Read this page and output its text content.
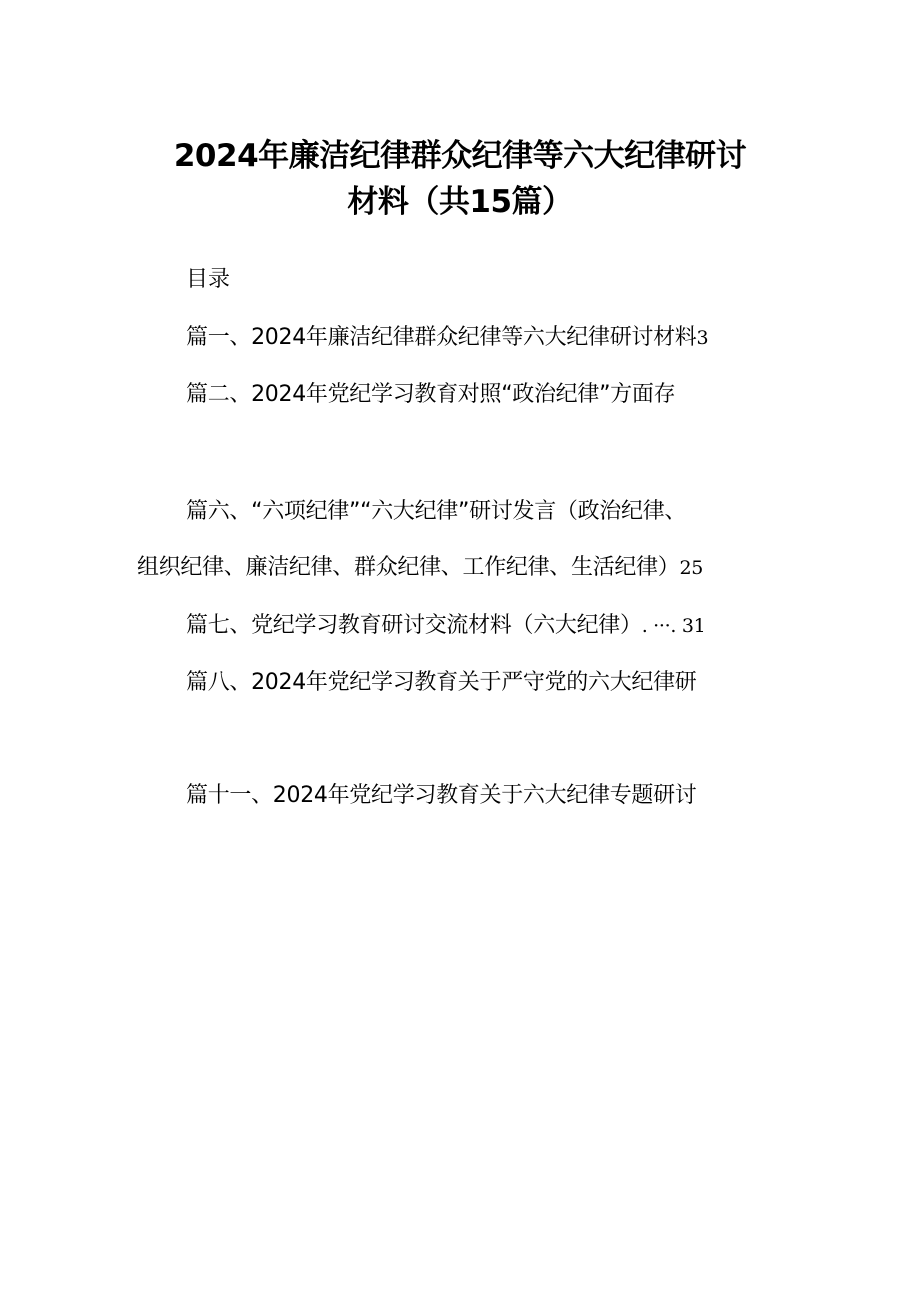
2024年廉洁纪律群众纪律等六大纪律研讨
材料（共15篇）
目录
篇一、2024年廉洁纪律群众纪律等六大纪律研讨材料3
篇二、2024年党纪学习教育对照“政治纪律”方面存
篇六、“六项纪律”“六大纪律”研讨发言（政治纪律、
组织纪律、廉洁纪律、群众纪律、工作纪律、生活纪律）25
篇七、党纪学习教育研讨交流材料（六大纪律）. ···. 31
篇八、2024年党纪学习教育关于严守党的六大纪律研
篇十一、2024年党纪学习教育关于六大纪律专题研讨
